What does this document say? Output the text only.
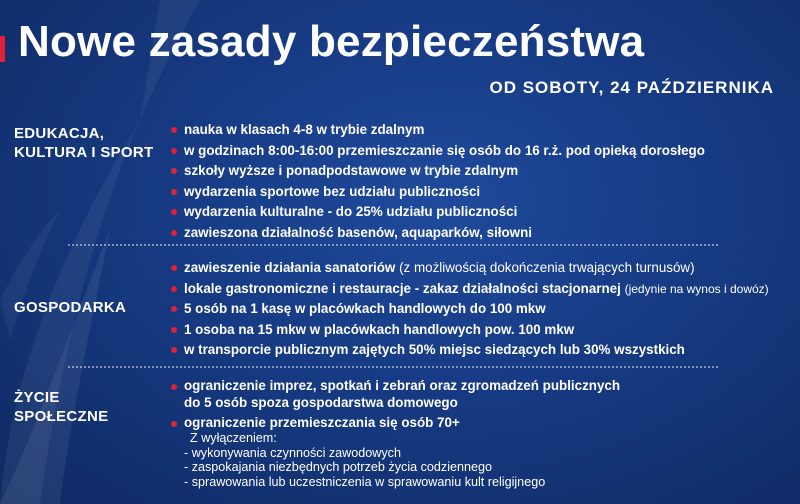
Nowe zasady bezpieczeństwa
OD SOBOTY, 24 PAŹDZIERNIKA
EDUKACJA,
KULTURA I SPORT
nauka w klasach 4-8 w trybie zdalnym
w godzinach 8:00-16:00 przemieszczanie się osób do 16 r.ż. pod opieką dorosłego
szkoły wyższe i ponadpodstawowe w trybie zdalnym
wydarzenia sportowe bez udziału publiczności
wydarzenia kulturalne - do 25% udziału publiczności
zawieszona działalność basenów, aquaparków, siłowni
GOSPODARKA
zawieszenie działania sanatoriów (z możliwością dokończenia trwających turnusów)
lokale gastronomiczne i restauracje - zakaz działalności stacjonarnej (jedynie na wynos i dowóz)
5 osób na 1 kasę w placówkach handlowych do 100 mkw
1 osoba na 15 mkw w placówkach handlowych pow. 100 mkw
w transporcie publicznym zajętych 50% miejsc siedzących lub 30% wszystkich
ŻYCIE
SPOŁECZNE
ograniczenie imprez, spotkań i zebrań oraz zgromadzeń publicznych
do 5 osób spoza gospodarstwa domowego
ograniczenie przemieszczania się osób 70+
Z wyłączeniem:
- wykonywania czynności zawodowych
- zaspokajania niezbędnych potrzeb życia codziennego
- sprawowania lub uczestniczenia w sprawowaniu kult religijnego
